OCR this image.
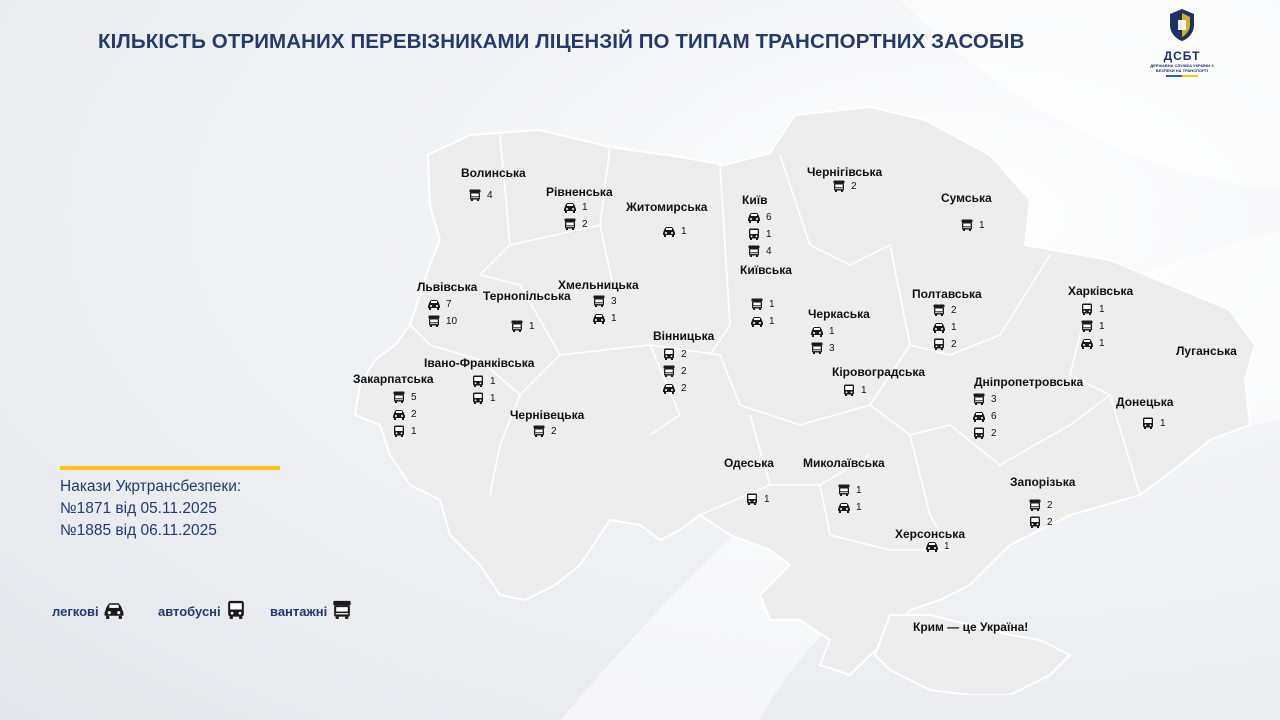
КІЛЬКІСТЬ ОТРИМАНИХ ПЕРЕВІЗНИКАМИ ЛІЦЕНЗІЙ ПО ТИПАМ ТРАНСПОРТНИХ ЗАСОБІВ
ДСБТ
ДЕРЖАВНА СЛУЖБА УКРАЇНИ З БЕЗПЕКИ НА ТРАНСПОРТІ
Волинська
4	Рівненська
1
2
Житомирська
1
Київ
6
1
4
Київська
1
1
Чернігівська
2
Сумська
1
Львівська
7
10
Тернопільська
1
Хмельницька
3
1
Вінницька
2
2
2
Черкаська
1
3
Полтавська
2
1
2
Харківська
1
1
1
Луганська
Закарпатська
5
2
1
Івано-Франківська
1
1
Чернівецька
2
Кіровоградська
1
Дніпропетровська
3
6
2
Донецька
1
Одеська
1
Миколаївська
1
1
Запорізька
2
2
Херсонська
1
Крим — це Україна!
Накази Укртрансбезпеки:
№1871 від 05.11.2025
№1885 від 06.11.2025
легкові	автобусні	вантажні
